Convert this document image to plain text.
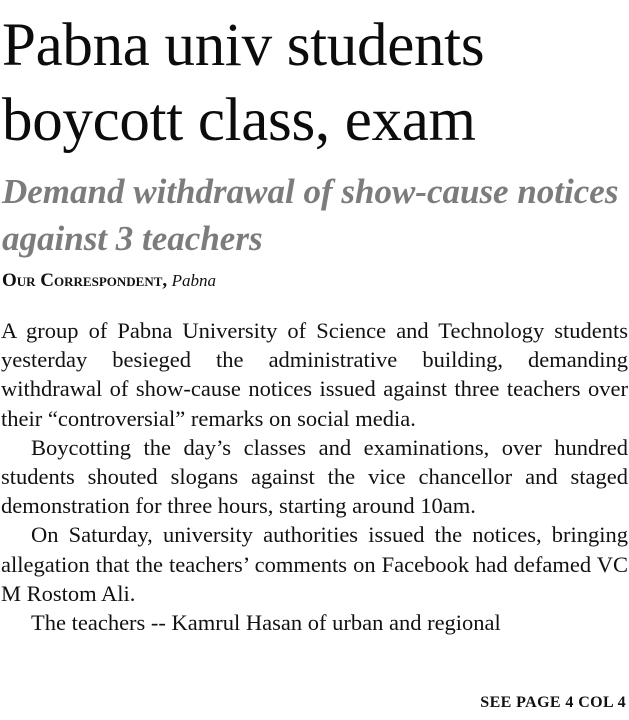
Pabna univ students boycott class, exam
Demand withdrawal of show-cause notices against 3 teachers

Our Correspondent, Pabna

A group of Pabna University of Science and Technology students yesterday besieged the administrative building, demanding withdrawal of show-cause notices issued against three teachers over their “controversial” remarks on social media.

Boycotting the day’s classes and examinations, over hundred students shouted slogans against the vice chancellor and staged demonstration for three hours, starting around 10am.

On Saturday, university authorities issued the notices, bringing allegation that the teachers’ comments on Facebook had defamed VC M Rostom Ali.

The teachers -- Kamrul Hasan of urban and regional

SEE PAGE 4 COL 4
